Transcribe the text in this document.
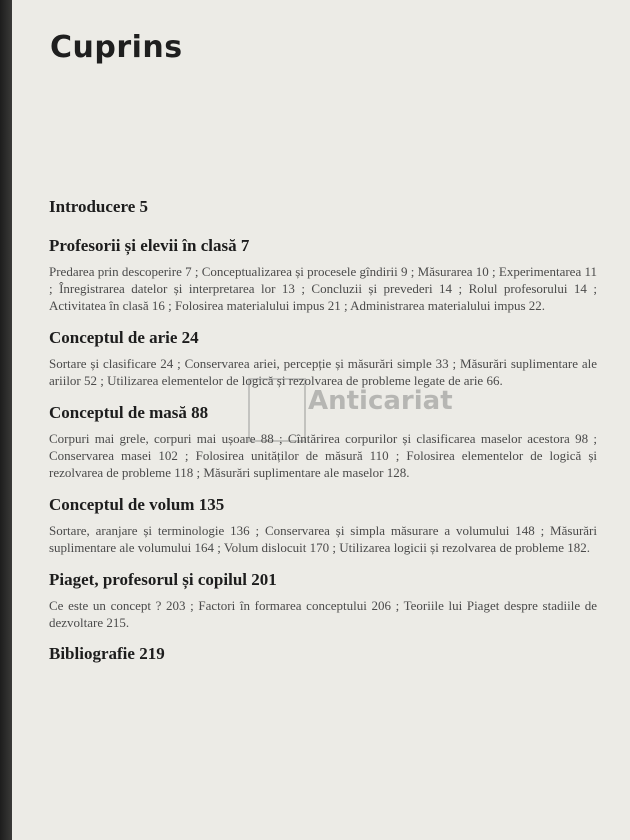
Cuprins
Anticariat

Introducere 5

Profesorii și elevii în clasă 7

Predarea prin descoperire 7 ; Conceptualizarea și procesele gîndirii 9 ; Măsurarea 10 ; Experimentarea 11 ; Înregistrarea datelor și interpretarea lor 13 ; Concluzii și prevederi 14 ; Rolul profesorului 14 ; Activitatea în clasă 16 ; Folosirea materialului impus 21 ; Administrarea materialului impus 22.

Conceptul de arie 24

Sortare și clasificare 24 ; Conservarea ariei, percepție și măsurări simple 33 ; Măsurări suplimentare ale ariilor 52 ; Utilizarea elementelor de logică și rezolvarea de probleme legate de arie 66.

Conceptul de masă 88

Corpuri mai grele, corpuri mai ușoare 88 ; Cîntărirea corpurilor și clasificarea maselor acestora 98 ; Conservarea masei 102 ; Folosirea unităților de măsură 110 ; Folosirea elementelor de logică și rezolvarea de probleme 118 ; Măsurări suplimentare ale maselor 128.

Conceptul de volum 135

Sortare, aranjare și terminologie 136 ; Conservarea și simpla măsurare a volumului 148 ; Măsurări suplimentare ale volumului 164 ; Volum dislocuit 170 ; Utilizarea logicii și rezolvarea de probleme 182.

Piaget, profesorul și copilul 201

Ce este un concept ? 203 ; Factori în formarea conceptului 206 ; Teoriile lui Piaget despre stadiile de dezvoltare 215.

Bibliografie 219
